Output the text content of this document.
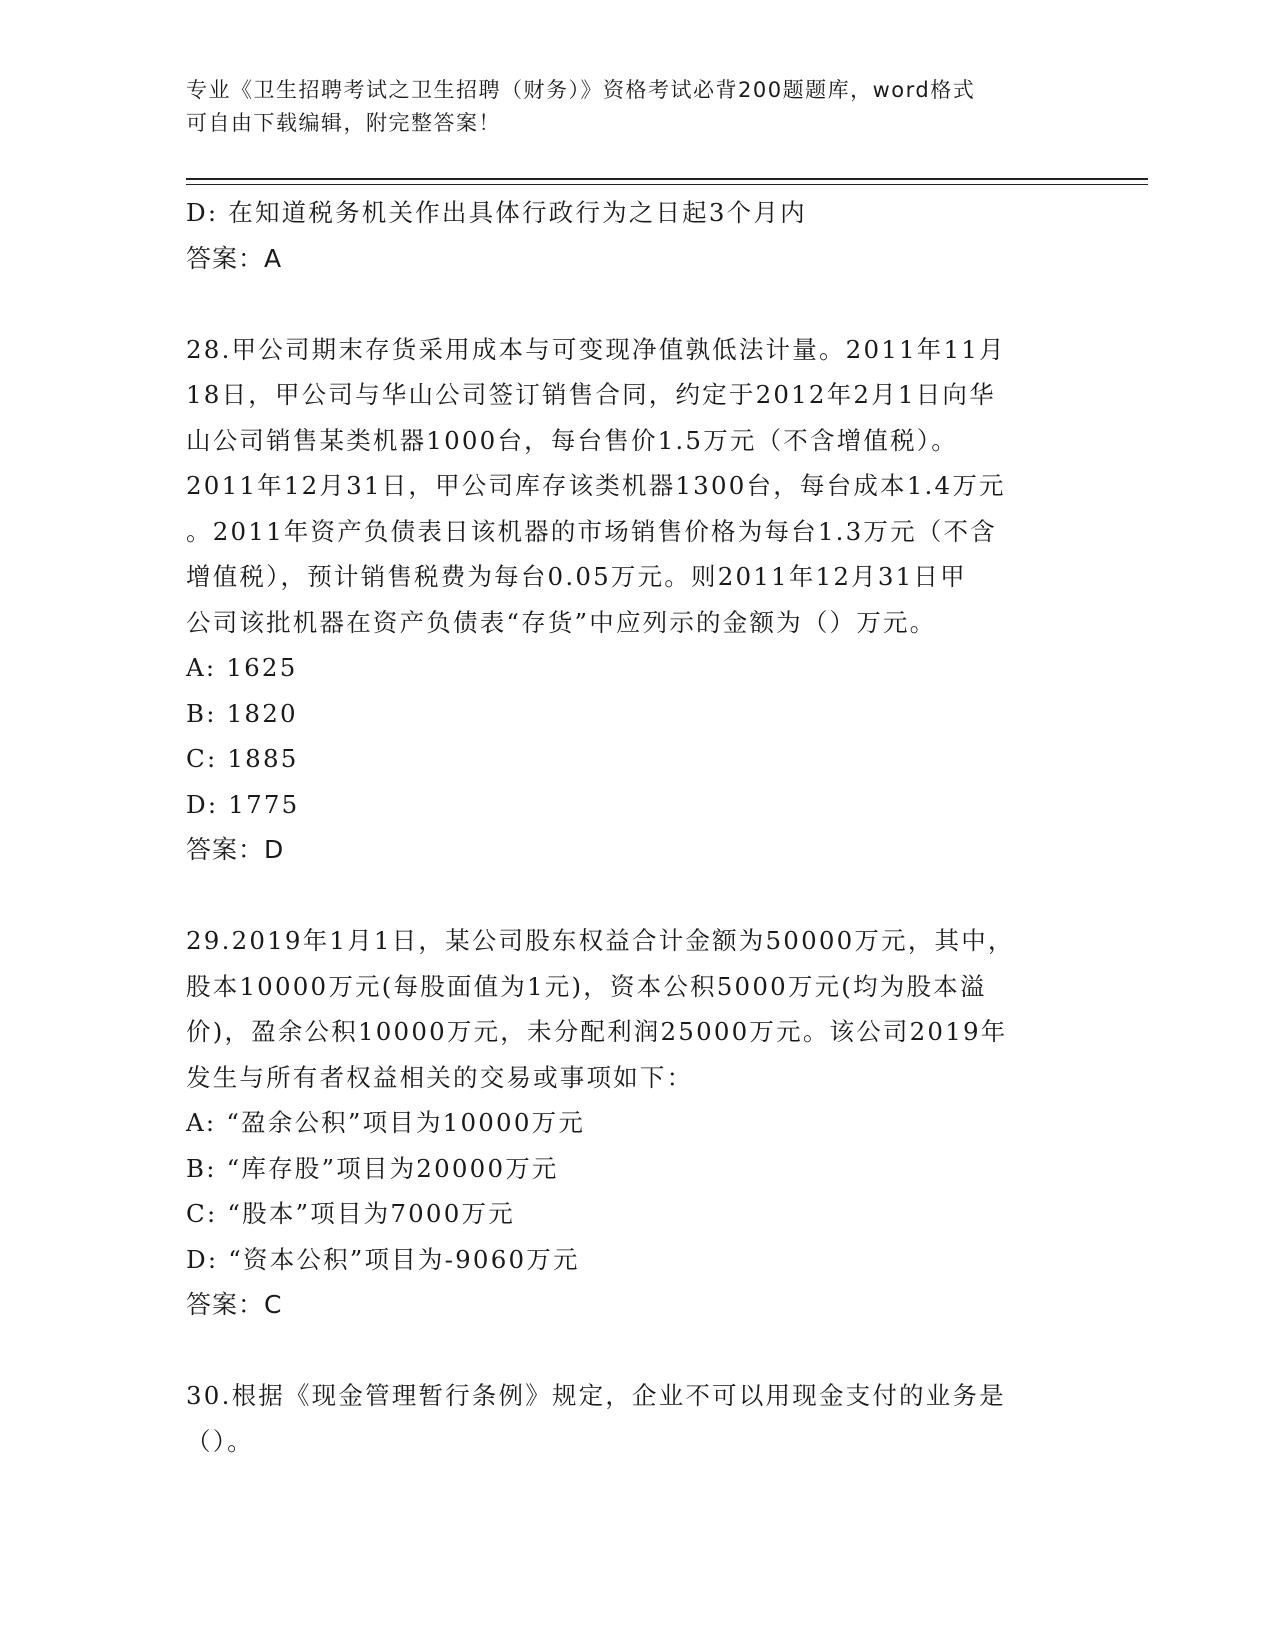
专业《卫生招聘考试之卫生招聘（财务）》资格考试必背200题题库，word格式
可自由下载编辑，附完整答案！
D: 在知道税务机关作出具体行政行为之日起3个月内
答案：A
28.甲公司期末存货采用成本与可变现净值孰低法计量。2011年11月
18日，甲公司与华山公司签订销售合同，约定于2012年2月1日向华
山公司销售某类机器1000台，每台售价1.5万元（不含增值税）。
2011年12月31日，甲公司库存该类机器1300台，每台成本1.4万元
。2011年资产负债表日该机器的市场销售价格为每台1.3万元（不含
增值税），预计销售税费为每台0.05万元。则2011年12月31日甲
公司该批机器在资产负债表“存货”中应列示的金额为（）万元。
A: 1625
B: 1820
C: 1885
D: 1775
答案：D
29.2019年1月1日，某公司股东权益合计金额为50000万元，其中，
股本10000万元(每股面值为1元)，资本公积5000万元(均为股本溢
价)，盈余公积10000万元，未分配利润25000万元。该公司2019年
发生与所有者权益相关的交易或事项如下：
A: “盈余公积”项目为10000万元
B: “库存股”项目为20000万元
C: “股本”项目为7000万元
D: “资本公积”项目为-9060万元
答案：C
30.根据《现金管理暂行条例》规定，企业不可以用现金支付的业务是
（）。
